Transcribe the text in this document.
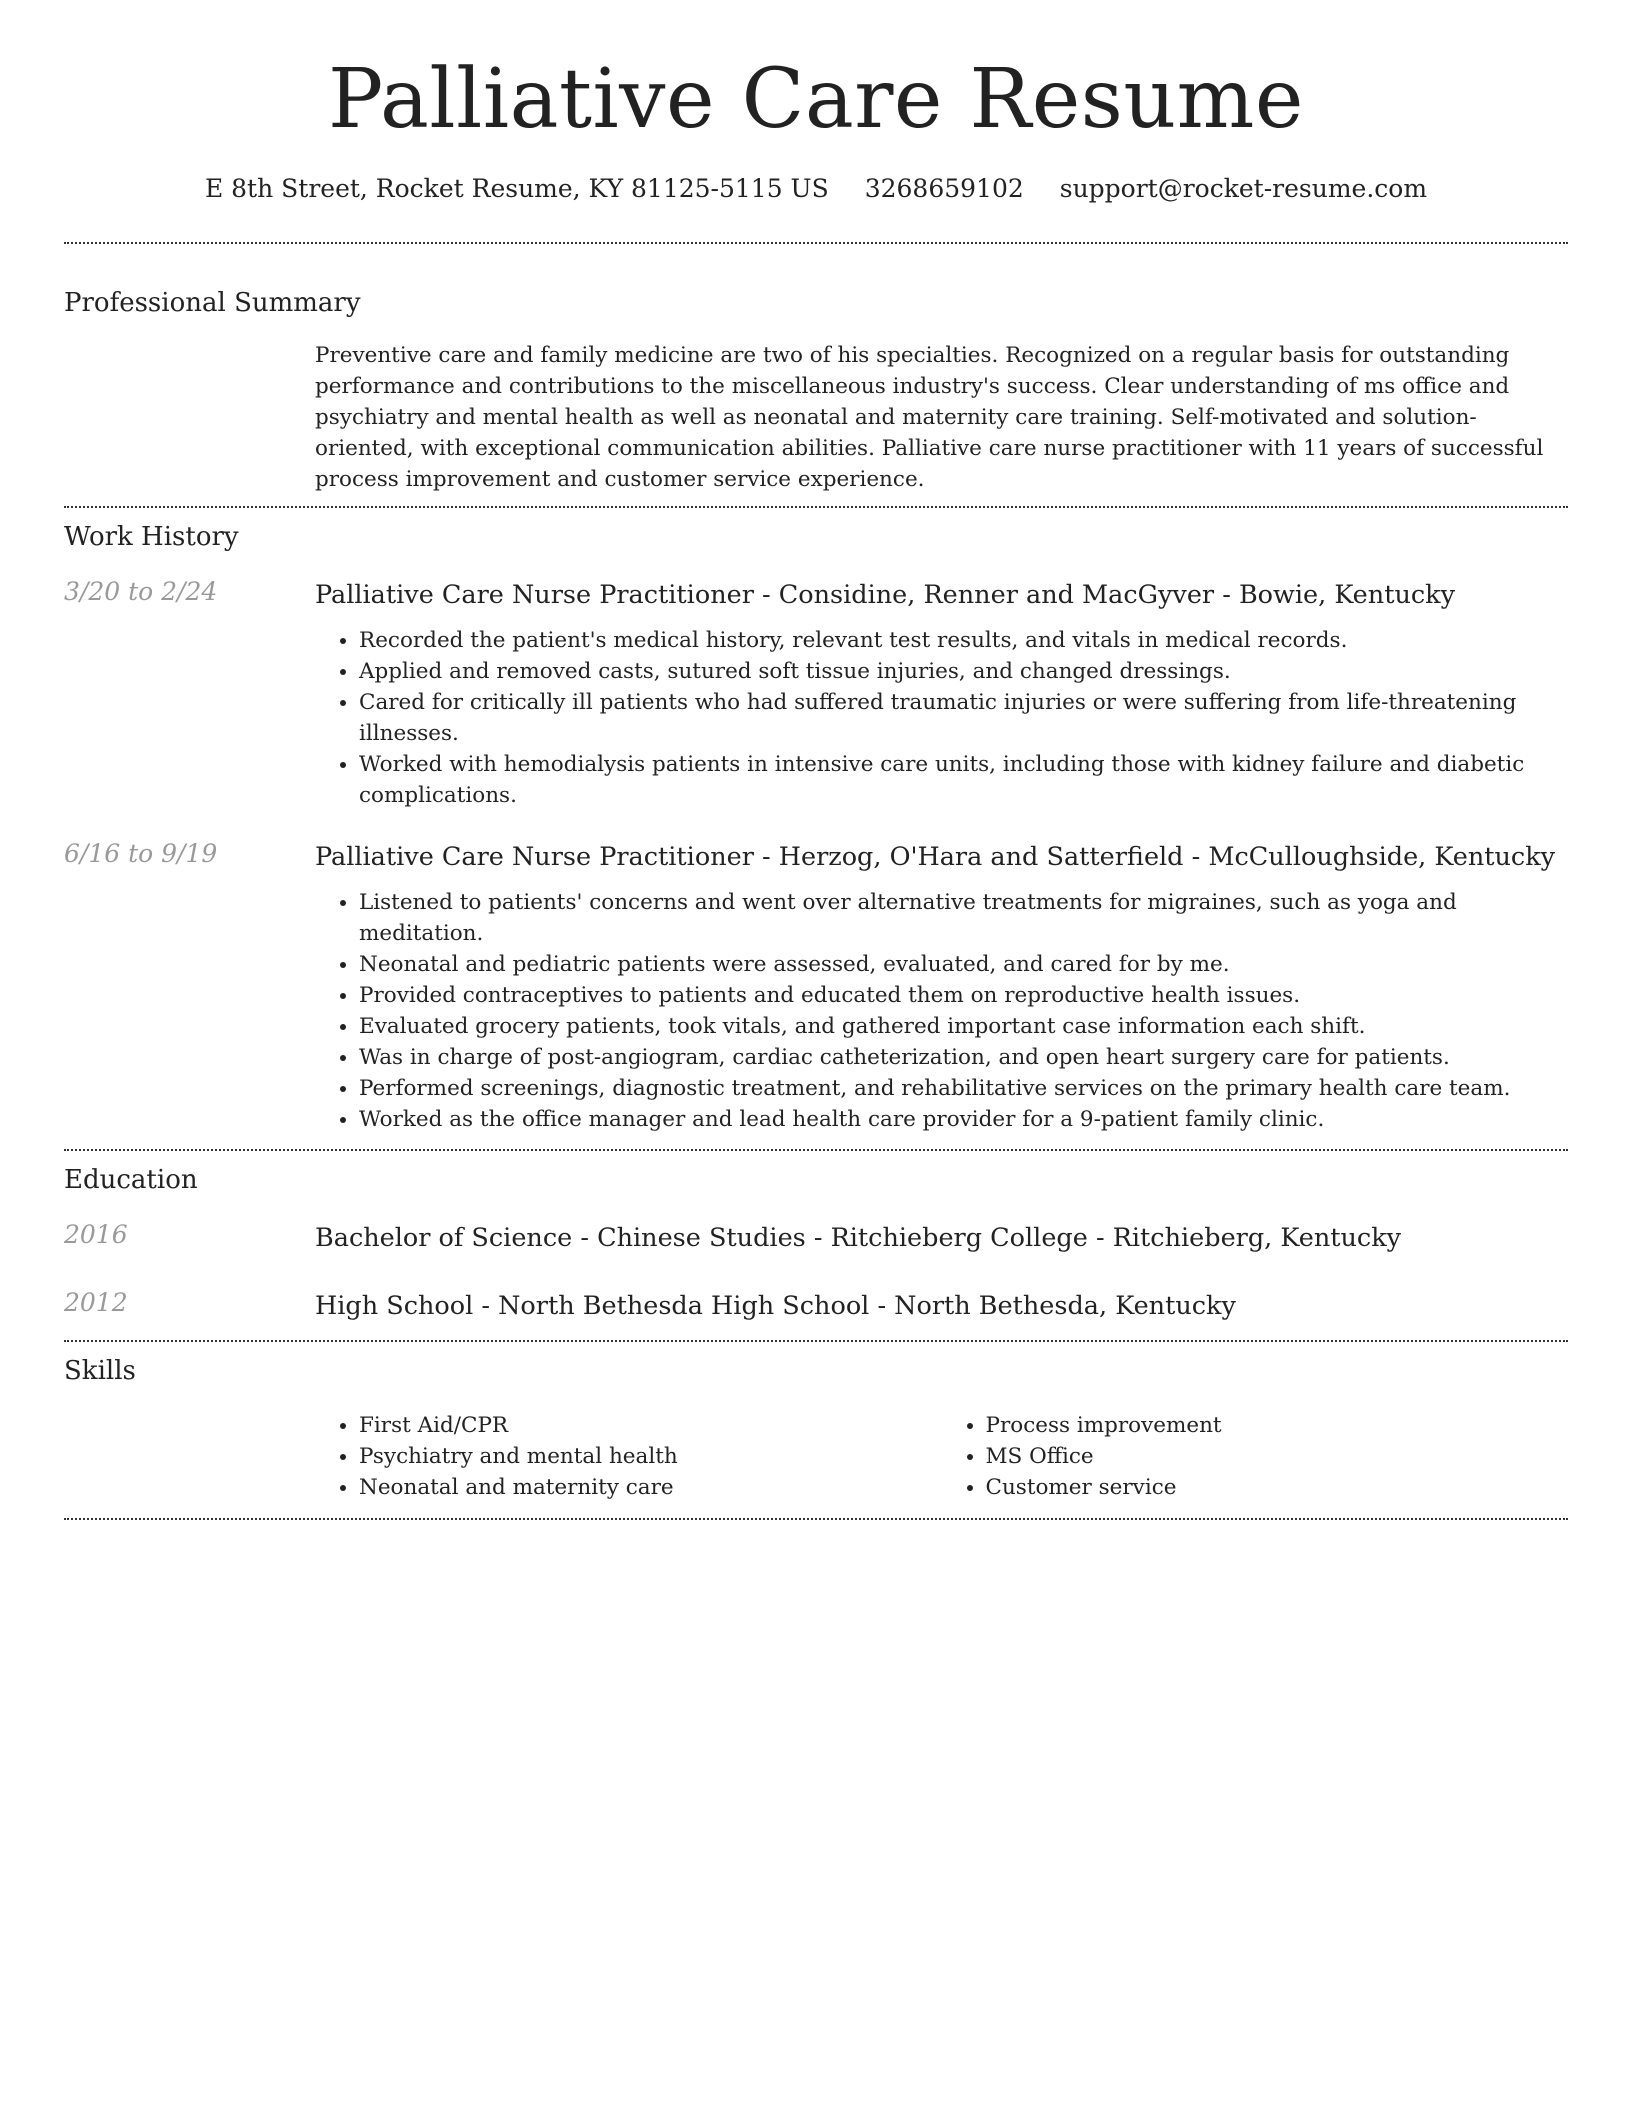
Palliative Care Resume
E 8th Street, Rocket Resume, KY 81125-5115 US 3268659102 support@rocket-resume.com
Professional Summary
Preventive care and family medicine are two of his specialties. Recognized on a regular basis for outstanding performance and contributions to the miscellaneous industry's success. Clear understanding of ms office and psychiatry and mental health as well as neonatal and maternity care training. Self-motivated and solution-oriented, with exceptional communication abilities. Palliative care nurse practitioner with 11 years of successful process improvement and customer service experience.
Work History
3/20 to 2/24	Palliative Care Nurse Practitioner - Considine, Renner and MacGyver - Bowie, Kentucky
• Recorded the patient's medical history, relevant test results, and vitals in medical records.
• Applied and removed casts, sutured soft tissue injuries, and changed dressings.
• Cared for critically ill patients who had suffered traumatic injuries or were suffering from life-threatening illnesses.
• Worked with hemodialysis patients in intensive care units, including those with kidney failure and diabetic complications.
6/16 to 9/19	Palliative Care Nurse Practitioner - Herzog, O'Hara and Satterfield - McCulloughside, Kentucky
• Listened to patients' concerns and went over alternative treatments for migraines, such as yoga and meditation.
• Neonatal and pediatric patients were assessed, evaluated, and cared for by me.
• Provided contraceptives to patients and educated them on reproductive health issues.
• Evaluated grocery patients, took vitals, and gathered important case information each shift.
• Was in charge of post-angiogram, cardiac catheterization, and open heart surgery care for patients.
• Performed screenings, diagnostic treatment, and rehabilitative services on the primary health care team.
• Worked as the office manager and lead health care provider for a 9-patient family clinic.
Education
2016	Bachelor of Science - Chinese Studies - Ritchieberg College - Ritchieberg, Kentucky
2012	High School - North Bethesda High School - North Bethesda, Kentucky
Skills
• First Aid/CPR
• Psychiatry and mental health
• Neonatal and maternity care
• Process improvement
• MS Office
• Customer service
